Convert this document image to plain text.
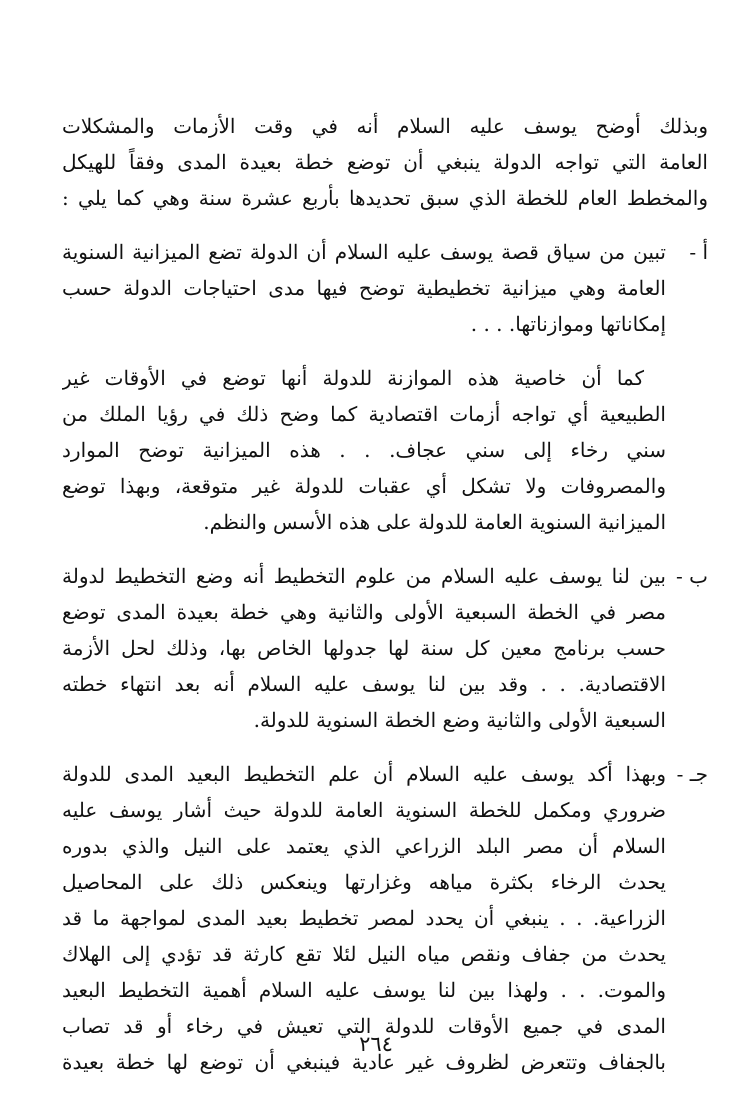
وبذلك أوضح يوسف عليه السلام أنه في وقت الأزمات والمشكلات
العامة التي تواجه الدولة ينبغي أن توضع خطة بعيدة المدى وفقاً للهيكل
والمخطط العام للخطة الذي سبق تحديدها بأربع عشرة سنة وهي كما يلي :
أ -
تبين من سياق قصة يوسف عليه السلام أن الدولة تضع الميزانية السنوية
العامة وهي ميزانية تخطيطية توضح فيها مدى احتياجات الدولة حسب
إمكاناتها وموازناتها. . . .
كما أن خاصية هذه الموازنة للدولة أنها توضع في الأوقات غير
الطبيعية أي تواجه أزمات اقتصادية كما وضح ذلك في رؤيا الملك من
سني رخاء إلى سني عجاف. . . هذه الميزانية توضح الموارد
والمصروفات ولا تشكل أي عقبات للدولة غير متوقعة، وبهذا توضع
الميزانية السنوية العامة للدولة على هذه الأسس والنظم.
ب -
بين لنا يوسف عليه السلام من علوم التخطيط أنه وضع التخطيط لدولة
مصر في الخطة السبعية الأولى والثانية وهي خطة بعيدة المدى توضع
حسب برنامج معين كل سنة لها جدولها الخاص بها، وذلك لحل الأزمة
الاقتصادية. . . وقد بين لنا يوسف عليه السلام أنه بعد انتهاء خطته
السبعية الأولى والثانية وضع الخطة السنوية للدولة.
جـ -
وبهذا أكد يوسف عليه السلام أن علم التخطيط البعيد المدى للدولة
ضروري ومكمل للخطة السنوية العامة للدولة حيث أشار يوسف عليه
السلام أن مصر البلد الزراعي الذي يعتمد على النيل والذي بدوره
يحدث الرخاء بكثرة مياهه وغزارتها وينعكس ذلك على المحاصيل
الزراعية. . . ينبغي أن يحدد لمصر تخطيط بعيد المدى لمواجهة ما قد
يحدث من جفاف ونقص مياه النيل لئلا تقع كارثة قد تؤدي إلى الهلاك
والموت. . . ولهذا بين لنا يوسف عليه السلام أهمية التخطيط البعيد
المدى في جميع الأوقات للدولة التي تعيش في رخاء أو قد تصاب
بالجفاف وتتعرض لظروف غير عادية فينبغي أن توضع لها خطة بعيدة
٢٦٤
